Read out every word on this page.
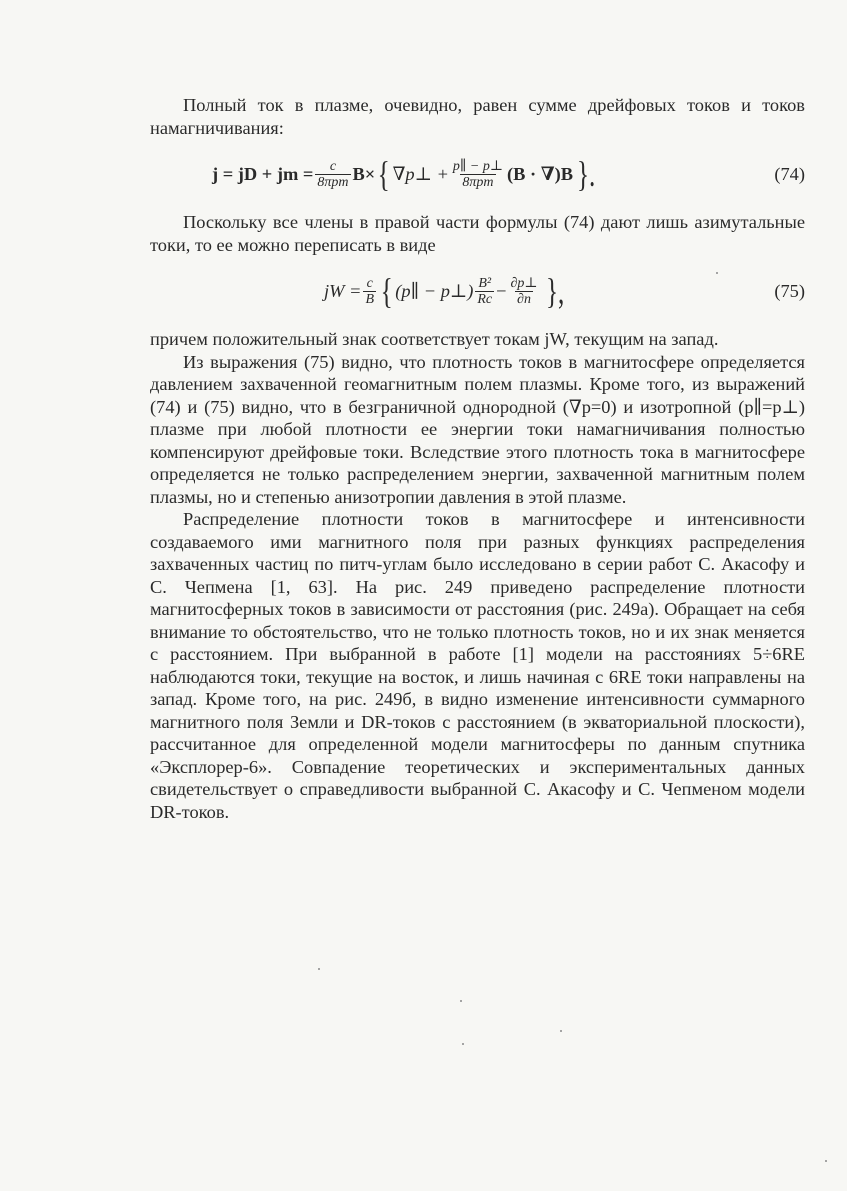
Полный ток в плазме, очевидно, равен сумме дрейфовых токов и токов намагничивания:

j = jD + jm = $\frac{c}{\text{8πpm}} B\times$ { ∇p⊥ + $\frac{p\parallel - p\perp}{\text{8πpm}} (B \cdot \nabla)B$ }.	(74)

Поскольку все члены в правой части формулы (74) дают лишь азимутальные токи, то ее можно переписать в виде

jW = $\frac{c}{B}$ { (p∥ − p⊥) $\frac{\text{B²}}{Rc} - \frac{\partial p\perp}{\partial n}$ },	(75)

причем положительный знак соответствует токам jW, текущим на запад.

Из выражения (75) видно, что плотность токов в магнитосфере определяется давлением захваченной геомагнитным полем плазмы. Кроме того, из выражений (74) и (75) видно, что в безграничной однородной (∇p=0) и изотропной (p∥=p⊥) плазме при любой плотности ее энергии токи намагничивания полностью компенсируют дрейфовые токи. Вследствие этого плотность тока в магнитосфере определяется не только распределением энергии, захваченной магнитным полем плазмы, но и степенью анизотропии давления в этой плазме.

Распределение плотности токов в магнитосфере и интенсивности создаваемого ими магнитного поля при разных функциях распределения захваченных частиц по питч-углам было исследовано в серии работ С. Акасофу и С. Чепмена [1, 63]. На рис. 249 приведено распределение плотности магнитосферных токов в зависимости от расстояния (рис. 249а). Обращает на себя внимание то обстоятельство, что не только плотность токов, но и их знак меняется с расстоянием. При выбранной в работе [1] модели на расстояниях 5÷6RE наблюдаются токи, текущие на восток, и лишь начиная с 6RE токи направлены на запад. Кроме того, на рис. 249б, в видно изменение интенсивности суммарного магнитного поля Земли и DR-токов с расстоянием (в экваториальной плоскости), рассчитанное для определенной модели магнитосферы по данным спутника «Эксплорер-6». Совпадение теоретических и экспериментальных данных свидетельствует о справедливости выбранной С. Акасофу и С. Чепменом модели DR-токов.
